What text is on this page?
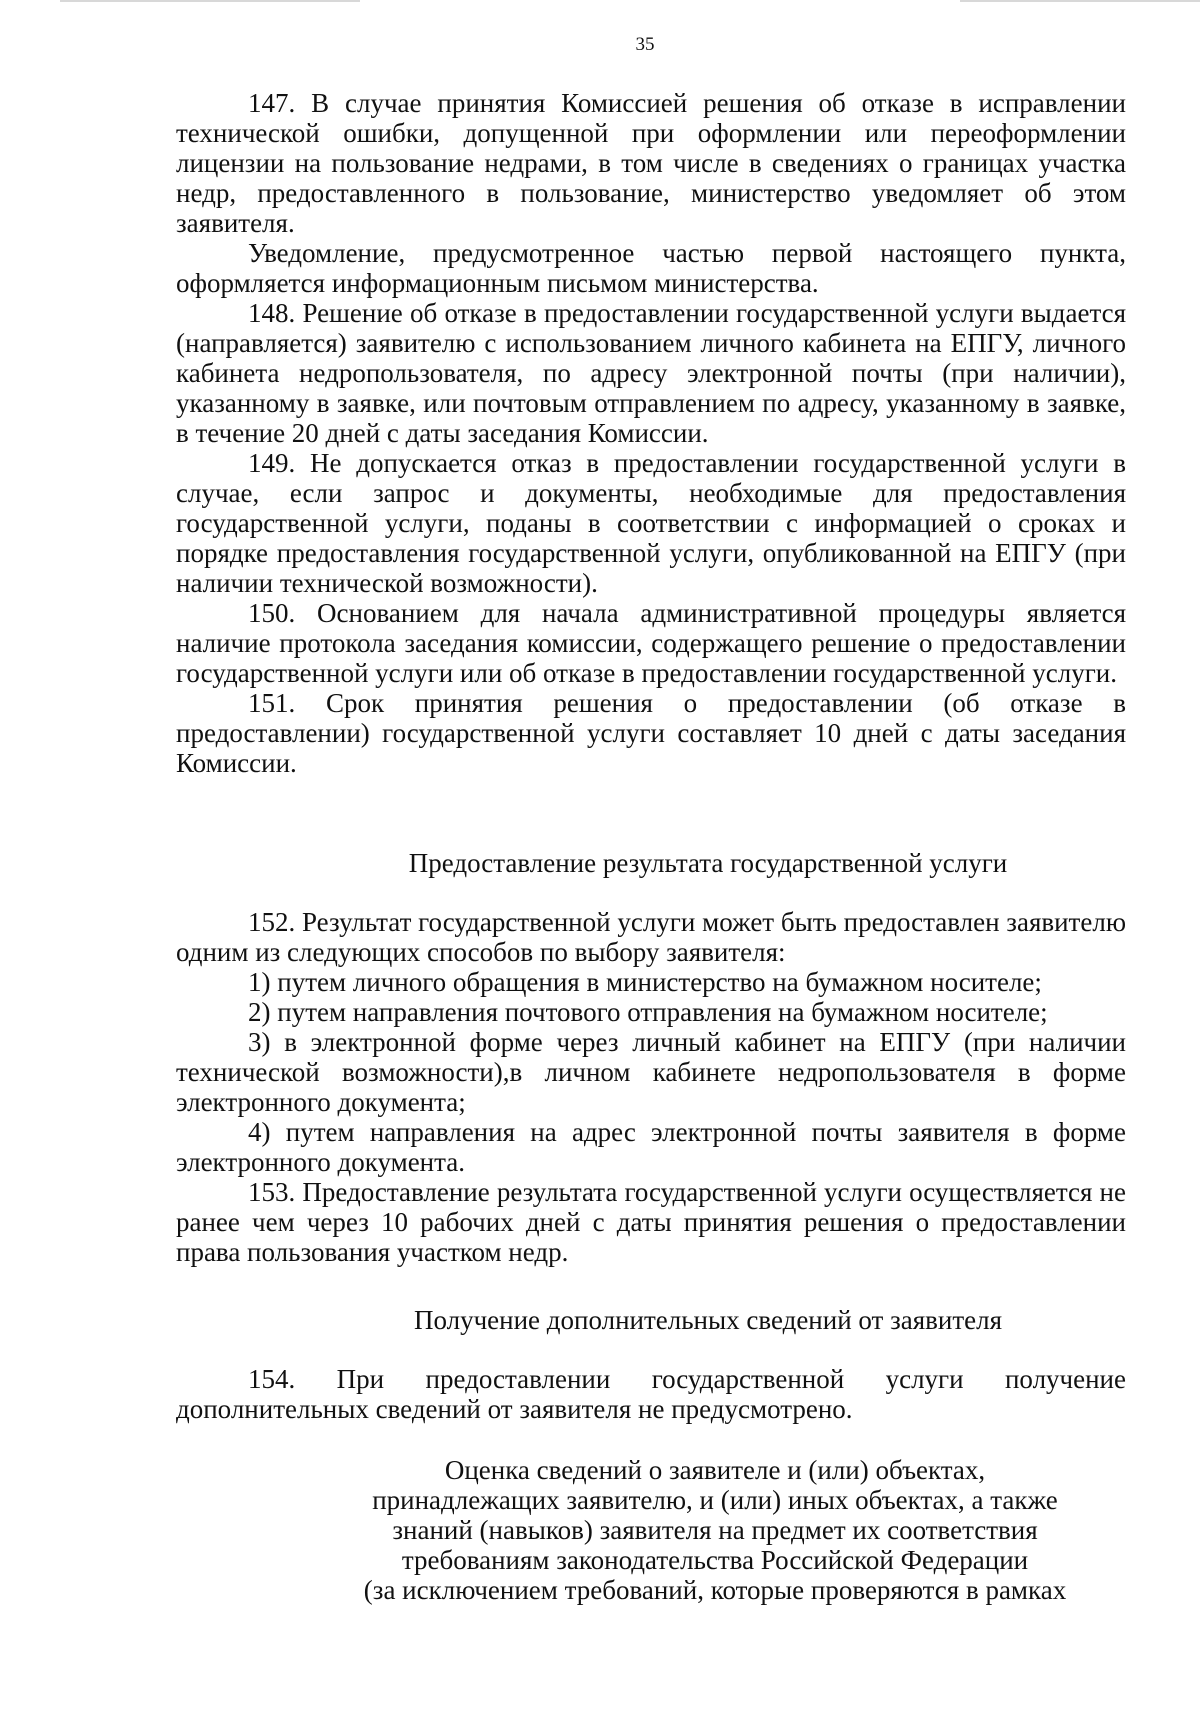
35

147. В случае принятия Комиссией решения об отказе в исправлении технической ошибки, допущенной при оформлении или переоформлении лицензии на пользование недрами, в том числе в сведениях о границах участка недр, предоставленного в пользование, министерство уведомляет об этом заявителя.

Уведомление, предусмотренное частью первой настоящего пункта, оформляется информационным письмом министерства.

148. Решение об отказе в предоставлении государственной услуги выдается (направляется) заявителю с использованием личного кабинета на ЕПГУ, личного кабинета недропользователя, по адресу электронной почты (при наличии), указанному в заявке, или почтовым отправлением по адресу, указанному в заявке, в течение 20 дней с даты заседания Комиссии.

149. Не допускается отказ в предоставлении государственной услуги в случае, если запрос и документы, необходимые для предоставления государственной услуги, поданы в соответствии с информацией о сроках и порядке предоставления государственной услуги, опубликованной на ЕПГУ (при наличии технической возможности).

150. Основанием для начала административной процедуры является наличие протокола заседания комиссии, содержащего решение о предоставлении государственной услуги или об отказе в предоставлении государственной услуги.

151. Срок принятия решения о предоставлении (об отказе в предоставлении) государственной услуги составляет 10 дней с даты заседания Комиссии.

Предоставление результата государственной услуги

152. Результат государственной услуги может быть предоставлен заявителю одним из следующих способов по выбору заявителя:

1) путем личного обращения в министерство на бумажном носителе;

2) путем направления почтового отправления на бумажном носителе;

3) в электронной форме через личный кабинет на ЕПГУ (при наличии технической возможности),в личном кабинете недропользователя в форме электронного документа;

4) путем направления на адрес электронной почты заявителя в форме электронного документа.

153. Предоставление результата государственной услуги осуществляется не ранее чем через 10 рабочих дней с даты принятия решения о предоставлении права пользования участком недр.

Получение дополнительных сведений от заявителя

154. При предоставлении государственной услуги получение дополнительных сведений от заявителя не предусмотрено.

Оценка сведений о заявителе и (или) объектах,
принадлежащих заявителю, и (или) иных объектах, а также
знаний (навыков) заявителя на предмет их соответствия
требованиям законодательства Российской Федерации
(за исключением требований, которые проверяются в рамках
